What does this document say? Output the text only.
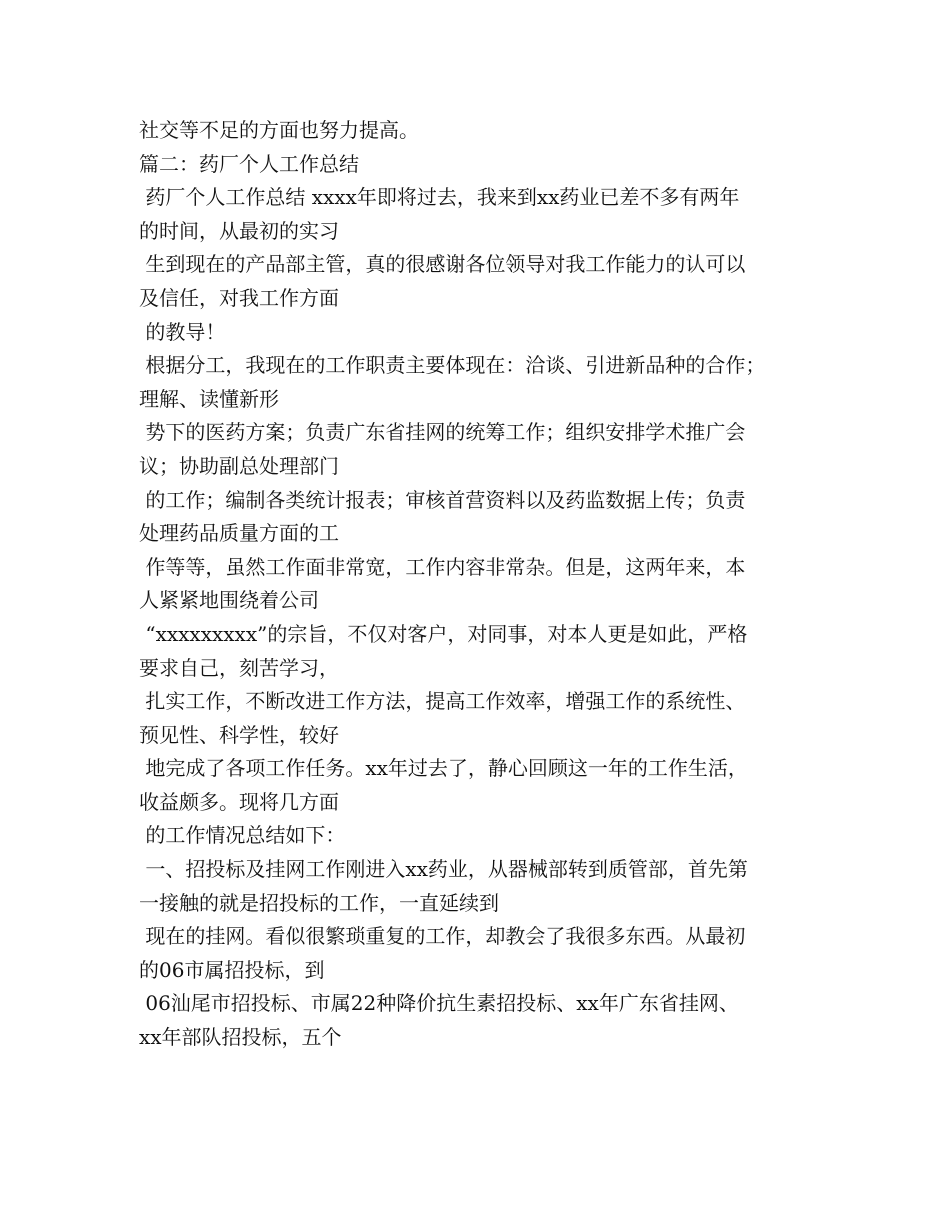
社交等不足的方面也努力提高。

篇二：药厂个人工作总结

药厂个人工作总结 xxxx年即将过去，我来到xx药业已差不多有两年

的时间，从最初的实习

生到现在的产品部主管，真的很感谢各位领导对我工作能力的认可以

及信任，对我工作方面

的教导！

根据分工，我现在的工作职责主要体现在：洽谈、引进新品种的合作；

理解、读懂新形

势下的医药方案；负责广东省挂网的统筹工作；组织安排学术推广会

议；协助副总处理部门

的工作；编制各类统计报表；审核首营资料以及药监数据上传；负责

处理药品质量方面的工

作等等，虽然工作面非常宽，工作内容非常杂。但是，这两年来，本

人紧紧地围绕着公司

“xxxxxxxxx”的宗旨，不仅对客户，对同事，对本人更是如此，严格

要求自己，刻苦学习，

扎实工作，不断改进工作方法，提高工作效率，增强工作的系统性、

预见性、科学性，较好

地完成了各项工作任务。xx年过去了，静心回顾这一年的工作生活，

收益颇多。现将几方面

的工作情况总结如下：

一、招投标及挂网工作刚进入xx药业，从器械部转到质管部，首先第

一接触的就是招投标的工作，一直延续到

现在的挂网。看似很繁琐重复的工作，却教会了我很多东西。从最初

的06市属招投标，到

06汕尾市招投标、市属22种降价抗生素招投标、xx年广东省挂网、

xx年部队招投标，五个
